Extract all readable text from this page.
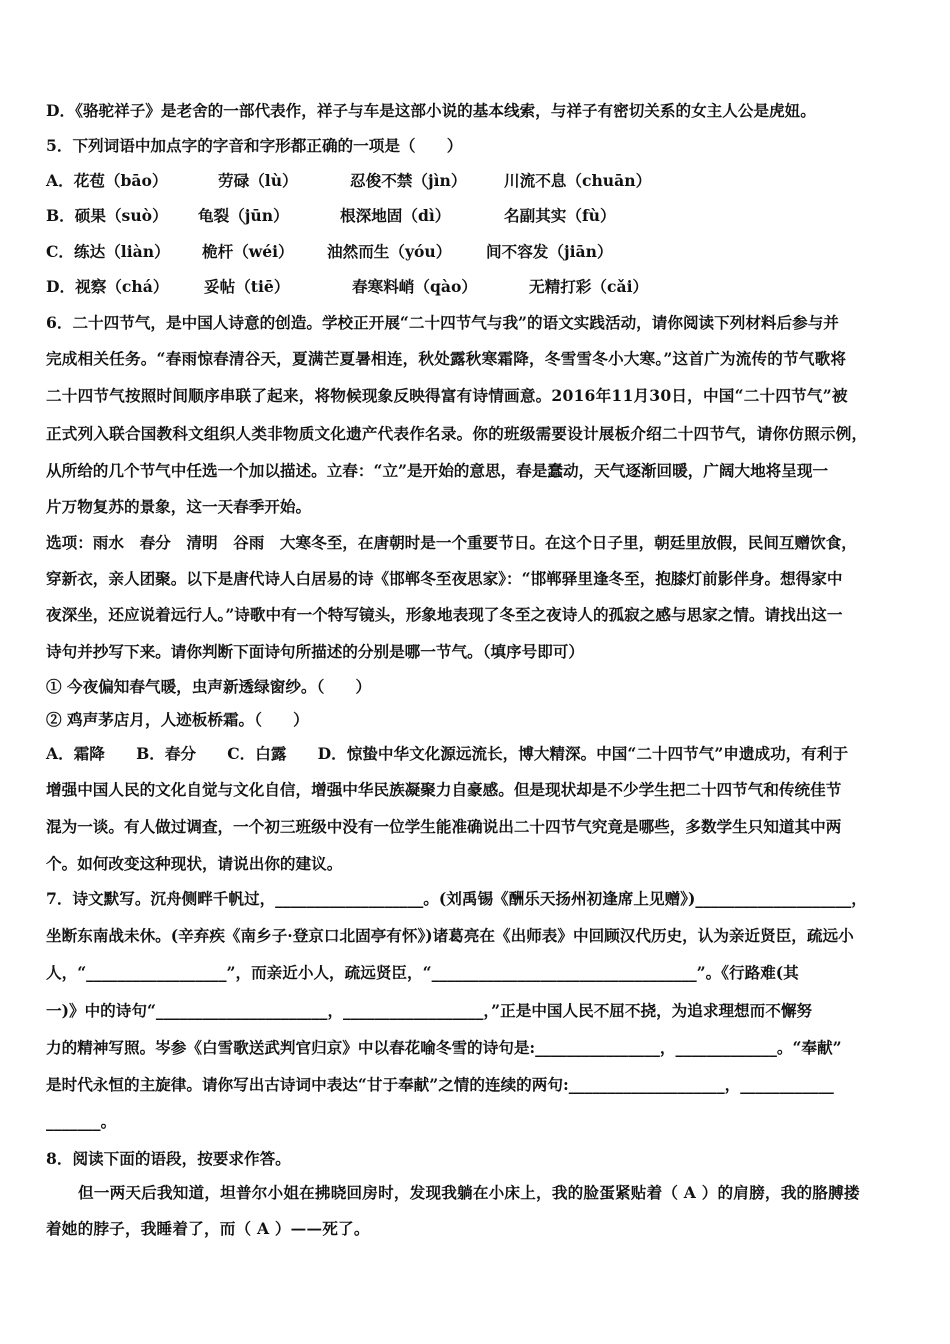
D．《骆驼祥子》是老舍的一部代表作，祥子与车是这部小说的基本线索，与祥子有密切关系的女主人公是虎妞。
5．下列词语中加点字的字音和字形都正确的一项是（　　）
A．花苞（bāo）	劳碌（lù）	忍俊不禁（jìn） 川流不息（chuān）
B．硕果（suò） 龟裂（jūn）	根深地固（dì）	名副其实（fù）
C．练达（liàn） 桅杆（wéi） 油然而生（yóu） 间不容发（jiān）
D．视察（chá） 妥帖（tiē）	春寒料峭（qào）	无精打彩（cǎi）
6．二十四节气，是中国人诗意的创造。学校正开展“二十四节气与我”的语文实践活动，请你阅读下列材料后参与并
完成相关任务。“春雨惊春清谷天，夏满芒夏暑相连，秋处露秋寒霜降，冬雪雪冬小大寒。”这首广为流传的节气歌将
二十四节气按照时间顺序串联了起来，将物候现象反映得富有诗情画意。2016年11月30日，中国“二十四节气”被
正式列入联合国教科文组织人类非物质文化遗产代表作名录。你的班级需要设计展板介绍二十四节气，请你仿照示例，
从所给的几个节气中任选一个加以描述。立春：“立”是开始的意思，春是蠢动，天气逐渐回暖，广阔大地将呈现一
片万物复苏的景象，这一天春季开始。
选项：雨水　春分　清明　谷雨　大寒冬至，在唐朝时是一个重要节日。在这个日子里，朝廷里放假，民间互赠饮食，
穿新衣，亲人团聚。以下是唐代诗人白居易的诗《邯郸冬至夜思家》：“邯郸驿里逢冬至，抱膝灯前影伴身。想得家中
夜深坐，还应说着远行人。”诗歌中有一个特写镜头，形象地表现了冬至之夜诗人的孤寂之感与思家之情。请找出这一
诗句并抄写下来。请你判断下面诗句所描述的分别是哪一节气。（填序号即可）
① 今夜偏知春气暖，虫声新透绿窗纱。（　　）
② 鸡声茅店月，人迹板桥霜。（　　）
A．霜降　　B．春分　　C．白露　　D．惊蛰中华文化源远流长，博大精深。中国“二十四节气”申遗成功，有利于
增强中国人民的文化自觉与文化自信，增强中华民族凝聚力自豪感。但是现状却是不少学生把二十四节气和传统佳节
混为一谈。有人做过调查，一个初三班级中没有一位学生能准确说出二十四节气究竟是哪些，多数学生只知道其中两
个。如何改变这种现状，请说出你的建议。
7．诗文默写。沉舟侧畔千帆过，___________________。(刘禹锡《酬乐天扬州初逢席上见赠》)____________________，
坐断东南战未休。(辛弃疾《南乡子·登京口北固亭有怀》)诸葛亮在《出师表》中回顾汉代历史，认为亲近贤臣，疏远小
人，“__________________”，而亲近小人，疏远贤臣，“__________________________________”。《行路难(其
一)》中的诗句“______________________，__________________，”正是中国人民不屈不挠，为追求理想而不懈努
力的精神写照。岑参《白雪歌送武判官归京》中以春花喻冬雪的诗句是:________________，_____________。“奉献”
是时代永恒的主旋律。请你写出古诗词中表达“甘于奉献”之情的连续的两句:____________________，____________
_______。
8．阅读下面的语段，按要求作答。
但一两天后我知道，坦普尔小姐在拂晓回房时，发现我躺在小床上，我的脸蛋紧贴着（ A ）的肩膀，我的胳膊搂
着她的脖子，我睡着了，而（ A ）——死了。
